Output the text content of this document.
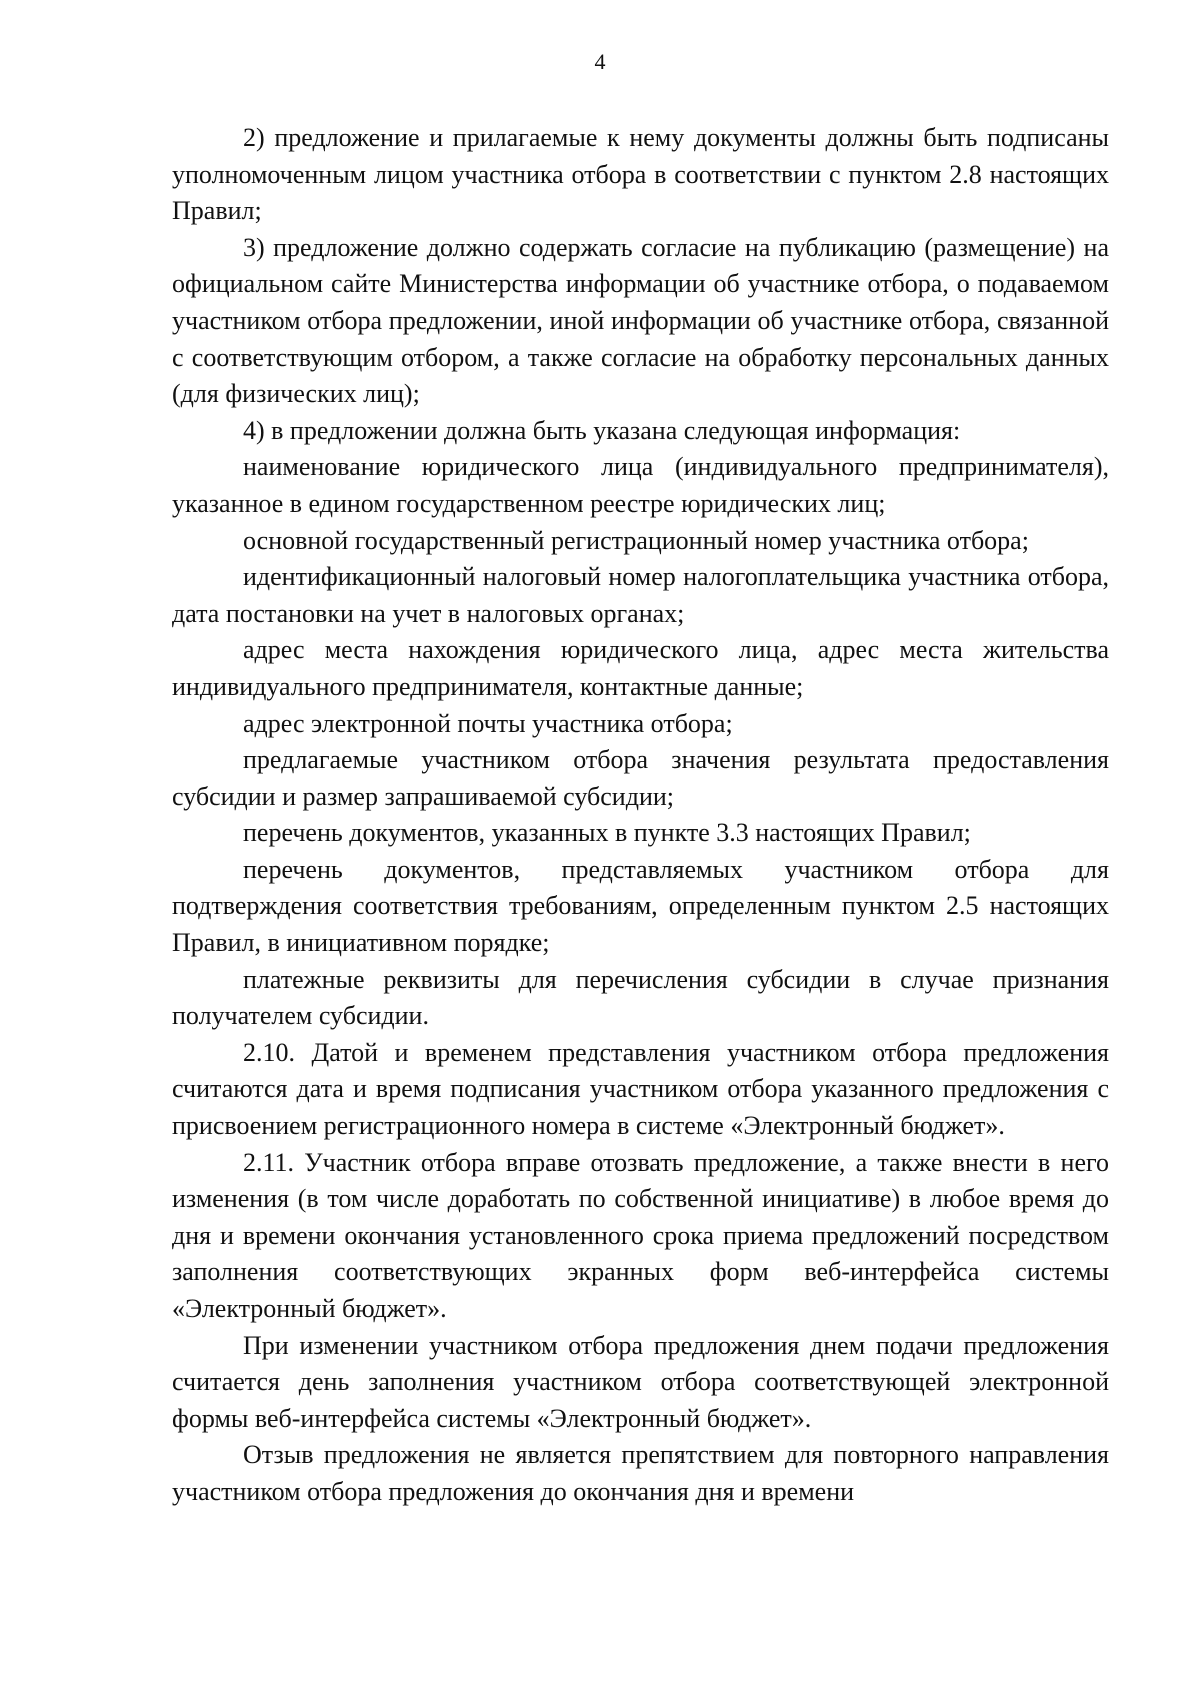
4

2) предложение и прилагаемые к нему документы должны быть подписаны уполномоченным лицом участника отбора в соответствии с пунктом 2.8 настоящих Правил;

3) предложение должно содержать согласие на публикацию (размещение) на официальном сайте Министерства информации об участнике отбора, о подаваемом участником отбора предложении, иной информации об участнике отбора, связанной с соответствующим отбором, а также согласие на обработку персональных данных (для физических лиц);

4) в предложении должна быть указана следующая информация:

наименование юридического лица (индивидуального предпринимателя), указанное в едином государственном реестре юридических лиц;

основной государственный регистрационный номер участника отбора;

идентификационный налоговый номер налогоплательщика участника отбора, дата постановки на учет в налоговых органах;

адрес места нахождения юридического лица, адрес места жительства индивидуального предпринимателя, контактные данные;

адрес электронной почты участника отбора;

предлагаемые участником отбора значения результата предоставления субсидии и размер запрашиваемой субсидии;

перечень документов, указанных в пункте 3.3 настоящих Правил;

перечень документов, представляемых участником отбора для подтверждения соответствия требованиям, определенным пунктом 2.5 настоящих Правил, в инициативном порядке;

платежные реквизиты для перечисления субсидии в случае признания получателем субсидии.

2.10. Датой и временем представления участником отбора предложения считаются дата и время подписания участником отбора указанного предложения с присвоением регистрационного номера в системе «Электронный бюджет».

2.11. Участник отбора вправе отозвать предложение, а также внести в него изменения (в том числе доработать по собственной инициативе) в любое время до дня и времени окончания установленного срока приема предложений посредством заполнения соответствующих экранных форм веб-интерфейса системы «Электронный бюджет».

При изменении участником отбора предложения днем подачи предложения считается день заполнения участником отбора соответствующей электронной формы веб-интерфейса системы «Электронный бюджет».

Отзыв предложения не является препятствием для повторного направления участником отбора предложения до окончания дня и времени
